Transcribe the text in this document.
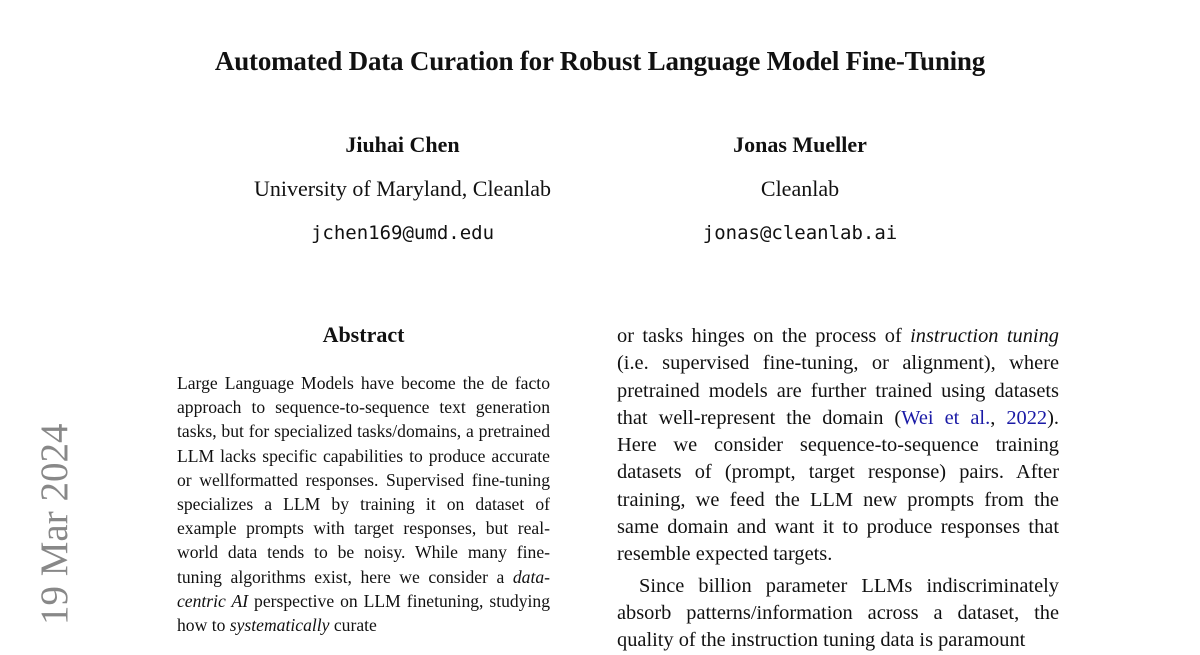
Automated Data Curation for Robust Language Model Fine-Tuning
Jiuhai Chen
University of Maryland, Cleanlab
jchen169@umd.edu
Jonas Mueller
Cleanlab
jonas@cleanlab.ai
19 Mar 2024
Abstract
Large Language Models have become the de facto approach to sequence-to-sequence text generation tasks, but for specialized tasks/domains, a pretrained LLM lacks specific capabilities to produce accurate or wellformatted responses. Supervised fine-tuning specializes a LLM by training it on dataset of example prompts with target responses, but real-world data tends to be noisy. While many fine-tuning algorithms exist, here we consider a data-centric AI perspective on LLM finetuning, studying how to systematically curate

or tasks hinges on the process of instruction tuning (i.e. supervised fine-tuning, or alignment), where pretrained models are further trained using datasets that well-represent the domain (Wei et al., 2022). Here we consider sequence-to-sequence training datasets of (prompt, target response) pairs. After training, we feed the LLM new prompts from the same domain and want it to produce responses that resemble expected targets.

Since billion parameter LLMs indiscriminately absorb patterns/information across a dataset, the quality of the instruction tuning data is paramount
